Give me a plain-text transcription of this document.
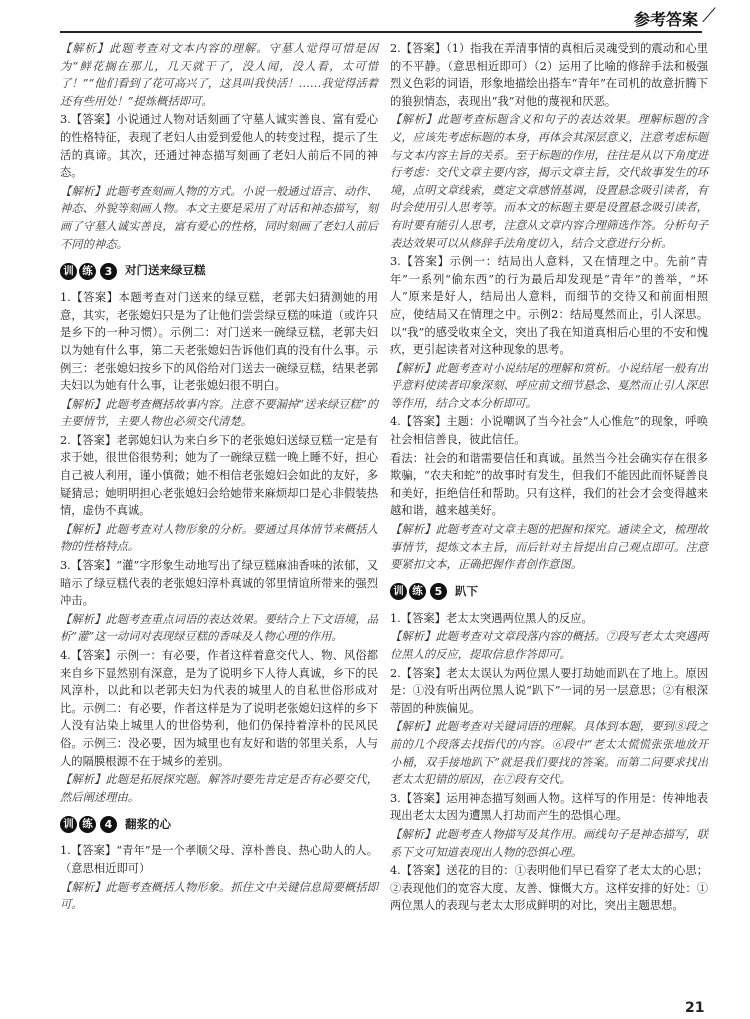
参考答案 ⟋

【解析】此题考查对文本内容的理解。守墓人觉得可惜是因为“鲜花搁在那儿，几天就干了，没人闻，没人看，太可惜了！”“他们看到了花可高兴了，这具叫我快活！……我觉得活着还有些用处！”提炼概括即可。

3.【答案】小说通过人物对话刻画了守墓人诚实善良、富有爱心的性格特征，表现了老妇人由爱到爱他人的转变过程，提示了生活的真谛。其次，还通过神态描写刻画了老妇人前后不同的神态。

【解析】此题考查刻画人物的方式。小说一般通过语言、动作、神态、外貌等刻画人物。本文主要是采用了对话和神态描写，刻画了守墓人诚实善良，富有爱心的性格，同时刻画了老妇人前后不同的神态。

训 练	3	对门送来绿豆糕

1.【答案】本题考查对门送来的绿豆糕，老郭夫妇猜测她的用意，其实，老张媳妇只是为了让他们尝尝绿豆糕的味道（或许只是乡下的一种习惯）。示例二：对门送来一碗绿豆糕，老郭夫妇以为她有什么事，第二天老张媳妇告诉他们真的没有什么事。示例三：老张媳妇按乡下的风俗给对门送去一碗绿豆糕，结果老郭夫妇以为她有什么事，让老张媳妇很不明白。

【解析】此题考查概括故事内容。注意不要漏掉“送来绿豆糕”的主要情节，主要人物也必须交代清楚。

2.【答案】老郭媳妇认为来白乡下的老张媳妇送绿豆糕一定是有求于她，很世俗很势利；她为了一碗绿豆糕一晚上睡不好，担心自己被人利用，谨小慎微；她不相信老张媳妇会如此的友好，多疑猜忌；她明明担心老张媳妇会给她带来麻烦却口是心非假装热情，虚伪不真诚。

【解析】此题考查对人物形象的分析。要通过具体情节来概括人物的性格特点。

3.【答案】“灌”字形象生动地写出了绿豆糕麻油香味的浓郁，又暗示了绿豆糕代表的老张媳妇淳朴真诚的邻里情谊所带来的强烈冲击。

【解析】此题考查重点词语的表达效果。要结合上下文语境，品析“灌”这一动词对表现绿豆糕的香味及人物心理的作用。

4.【答案】示例一：有必要，作者这样着意交代人、物、风俗都来自乡下显然别有深意，是为了说明乡下人待人真诚，乡下的民风淳朴，以此和以老郭夫妇为代表的城里人的自私世俗形成对比。示例二：有必要，作者这样是为了说明老张媳妇这样的乡下人没有沾染上城里人的世俗势利，他们仍保持着淳朴的民风民俗。示例三：没必要，因为城里也有友好和谐的邻里关系，人与人的隔膜根源不在于城乡的差别。

【解析】此题是拓展探究题。解答时要先肯定是否有必要交代，然后阐述理由。

训 练	4	翻浆的心

1.【答案】“青年”是一个孝顺父母、淳朴善良、热心助人的人。（意思相近即可）

【解析】此题考查概括人物形象。抓住文中关键信息简要概括即可。

2.【答案】（1）指我在弄清事情的真相后灵魂受到的震动和心里的不平静。（意思相近即可）（2）运用了比喻的修辞手法和极强烈义色彩的词语，形象地描绘出搭车“青年”在司机的故意折腾下的狼狈情态，表现出“我”对他的蔑视和厌恶。

【解析】此题考查标题含义和句子的表达效果。理解标题的含义，应该先考虑标题的本身，再体会其深层意义，注意考虑标题与文本内容主旨的关系。至于标题的作用，往往是从以下角度进行考虑：交代文章主要内容，揭示文章主旨，交代故事发生的环境，点明文章线索，奠定文章感情基调，设置悬念吸引读者，有时会使用引人思考等。而本文的标题主要是设置悬念吸引读者，有时要有能引人思考，注意从文章内容合理筛选作答。分析句子表达效果可以从修辞手法角度切入，结合文意进行分析。

3.【答案】示例一：结局出人意料，又在情理之中。先前“青年”一系列“偷东西”的行为最后却发现是“青年”的善举，“坏人”原来是好人，结局出人意料，而细节的交待又和前面相照应，使结局又在情理之中。示例2：结局戛然而止，引人深思。以“我”的感受收束全文，突出了我在知道真相后心里的不安和愧疚，更引起读者对这种现象的思考。

【解析】此题考查对小说结尾的理解和赏析。小说结尾一般有出乎意料使读者印象深刻、呼应前文细节悬念、戛然而止引人深思等作用，结合文本分析即可。

4.【答案】主题：小说嘲讽了当今社会“人心惟危”的现象，呼唤社会相信善良，彼此信任。

看法：社会的和谐需要信任和真诚。虽然当今社会确实存在很多欺骗，“农夫和蛇”的故事时有发生，但我们不能因此而怀疑善良和美好，拒绝信任和帮助。只有这样，我们的社会才会变得越来越和谐，越来越美好。

【解析】此题考查对文章主题的把握和探究。通读全文，梳理故事情节，提炼文本主旨，而后针对主旨提出自己观点即可。注意要紧扣文本，正确把握作者创作意图。

训 练	5	趴下

1.【答案】老太太突遇两位黑人的反应。

【解析】此题考查对文章段落内容的概括。⑦段写老太太突遇两位黑人的反应，提取信息作答即可。

2.【答案】老太太误认为两位黑人要打劫她而趴在了地上。原因是：①没有听出两位黑人说“趴下”一词的另一层意思；②有根深蒂固的种族偏见。

【解析】此题考查对关键词语的理解。具体到本题，要到⑧段之前的几个段落去找指代的内容。⑥段中“老太太慌慌张张地放开小桶，双手接地趴下”就是我们要找的答案。而第二问要求找出老太太犯错的原因，在⑦段有交代。

3.【答案】运用神态描写刻画人物。这样写的作用是：传神地表现出老太太因为遭黑人打劫而产生的恐惧心理。

【解析】此题考查人物描写及其作用。画线句子是神态描写，联系下文可知道表现出人物的恐惧心理。

4.【答案】送花的目的：①表明他们早已看穿了老太太的心思；②表现他们的宽容大度、友善、慷慨大方。这样安排的好处：①两位黑人的表现与老太太形成鲜明的对比，突出主题思想。

21
